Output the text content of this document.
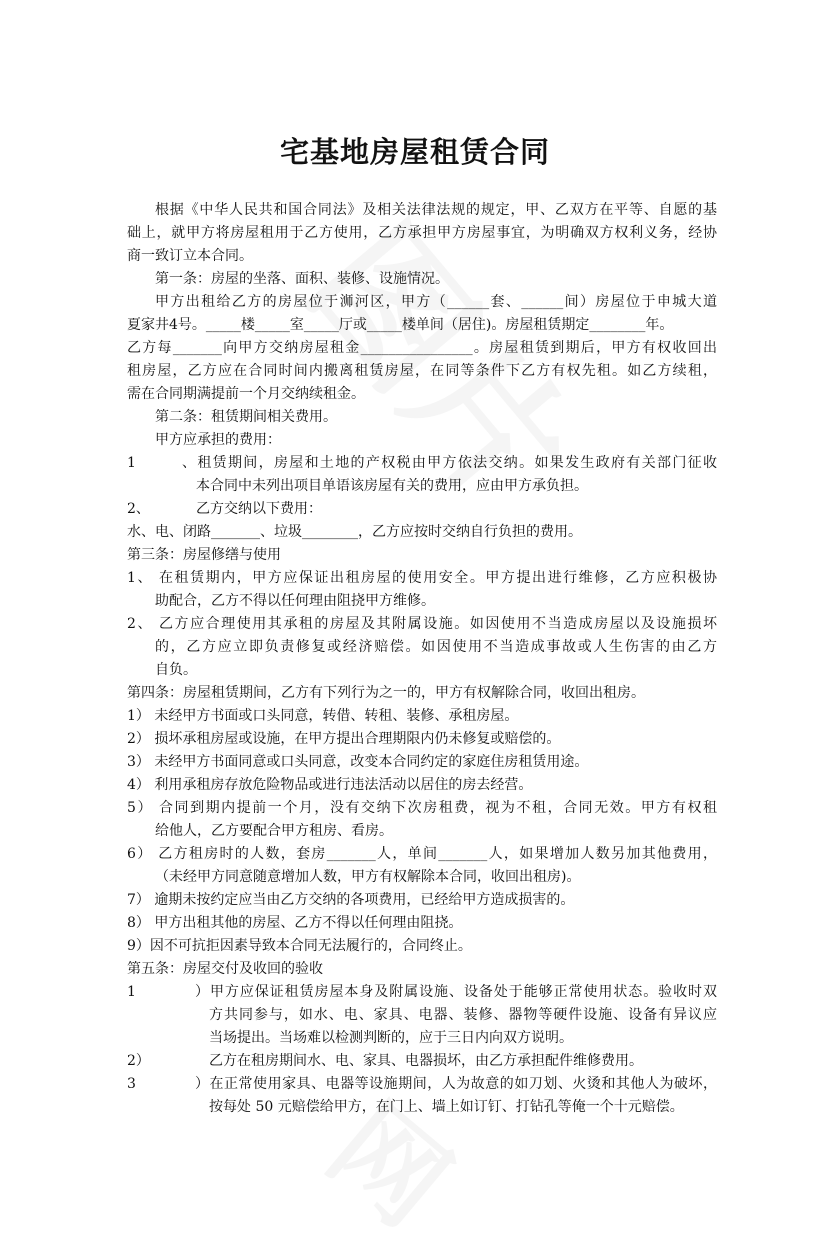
宅基地房屋租赁合同
根据《中华人民共和国合同法》及相关法律法规的规定，甲、乙双方在平等、自愿的基
础上，就甲方将房屋租用于乙方使用，乙方承担甲方房屋事宜，为明确双方权利义务，经协
商一致订立本合同。
第一条：房屋的坐落、面积、装修、设施情况。
甲方出租给乙方的房屋位于浉河区，甲方（______套、______间）房屋位于申城大道
夏家井4号。_____楼_____室_____厅或_____楼单间（居住)。房屋租赁期定________年。
乙方每_______向甲方交纳房屋租金________________。房屋租赁到期后，甲方有权收回出
租房屋，乙方应在合同时间内搬离租赁房屋，在同等条件下乙方有权先租。如乙方续租，
需在合同期满提前一个月交纳续租金。
第二条：租赁期间相关费用。
甲方应承担的费用：
1、租赁期间，房屋和土地的产权税由甲方依法交纳。如果发生政府有关部门征收
本合同中未列出项目单语该房屋有关的费用，应由甲方承负担。
2、	乙方交纳以下费用：
水、电、闭路_______、垃圾________，乙方应按时交纳自行负担的费用。
第三条：房屋修缮与使用
1、 在租赁期内，甲方应保证出租房屋的使用安全。甲方提出进行维修，乙方应积极协
助配合，乙方不得以任何理由阻挠甲方维修。
2、 乙方应合理使用其承租的房屋及其附属设施。如因使用不当造成房屋以及设施损坏
的，乙方应立即负责修复或经济赔偿。如因使用不当造成事故或人生伤害的由乙方
自负。
第四条：房屋租赁期间，乙方有下列行为之一的，甲方有权解除合同，收回出租房。
1） 未经甲方书面或口头同意，转借、转租、装修、承租房屋。
2） 损坏承租房屋或设施，在甲方提出合理期限内仍未修复或赔偿的。
3） 未经甲方书面同意或口头同意，改变本合同约定的家庭住房租赁用途。
4） 利用承租房存放危险物品或进行违法活动以居住的房去经营。
5） 合同到期内提前一个月，没有交纳下次房租费，视为不租，合同无效。甲方有权租
给他人，乙方要配合甲方租房、看房。
6） 乙方租房时的人数，套房_______人，单间_______人，如果增加人数另加其他费用，
（未经甲方同意随意增加人数，甲方有权解除本合同，收回出租房)。
7） 逾期未按约定应当由乙方交纳的各项费用，已经给甲方造成损害的。
8） 甲方出租其他的房屋、乙方不得以任何理由阻挠。
9）因不可抗拒因素导致本合同无法履行的，合同终止。
第五条：房屋交付及收回的验收
1）甲方应保证租赁房屋本身及附属设施、设备处于能够正常使用状态。验收时双
方共同参与，如水、电、家具、电器、装修、器物等硬件设施、设备有异议应
当场提出。当场难以检测判断的，应于三日内向双方说明。
2）	乙方在租房期间水、电、家具、电器损坏，由乙方承担配件维修费用。
3）在正常使用家具、电器等设施期间，人为故意的如刀划、火烫和其他人为破坏，
按每处 50 元赔偿给甲方，在门上、墙上如订钉、打钻孔等俺一个十元赔偿。
